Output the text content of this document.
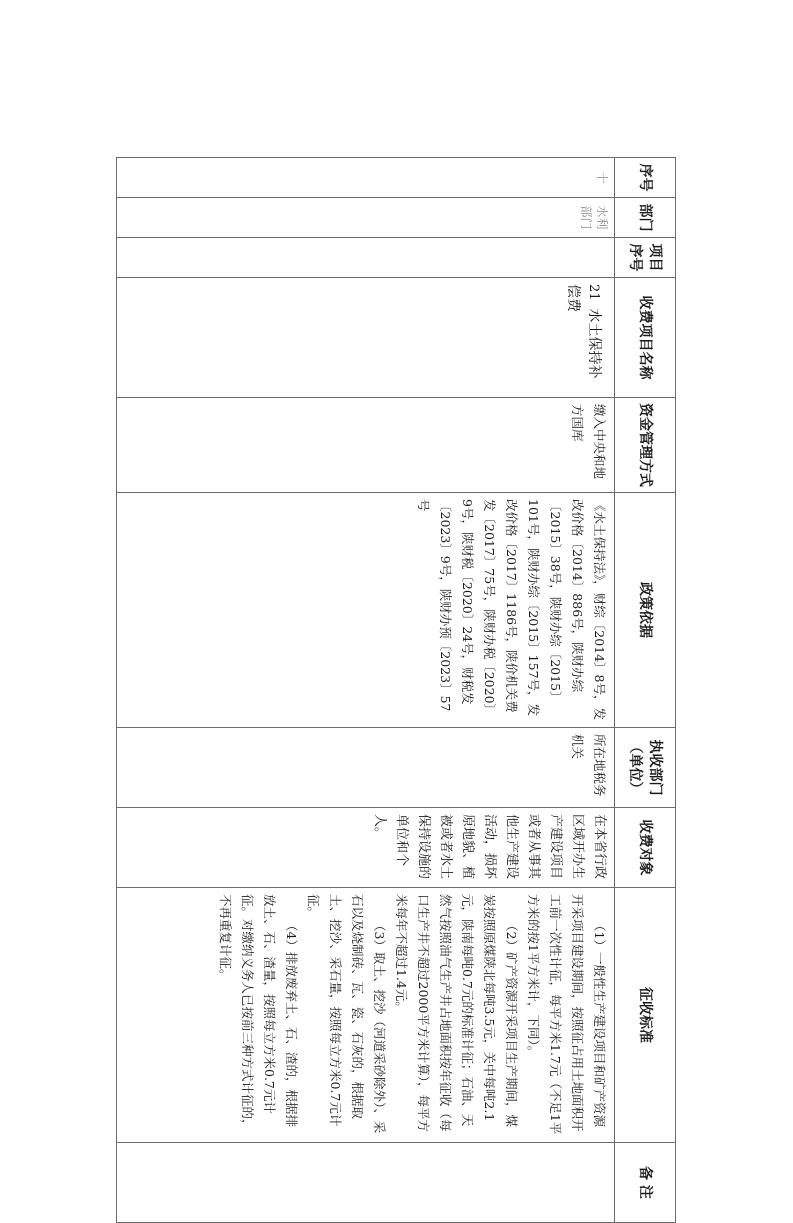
序号	部门	项目序号	收费项目名称	资金管理方式	政策依据	执收部门（单位）	收费对象	征收标准	备 注
十	水利部门		21水土保持补偿费	缴入中央和地方国库	《水土保持法》，财综〔2014〕8号，发改价格〔2014〕886号，陕财办综〔2015〕38号，陕财办综〔2015〕101号，陕财办综〔2015〕157号，发改价格〔2017〕1186号，陕价机关费发〔2017〕75号，陕财办税〔2020〕9号，陕财税〔2020〕24号，财税发〔2023〕9号，陕财办预〔2023〕57号	所在地税务机关	在本省行政区域开办生产建设项目或者从事其他生产建设活动，损坏原地貌、植被或者水土保持设施的单位和个人。	（1）一般性生产建设项目和矿产资源开采项目建设期间，按照征占用土地面积开工前一次性计征，每平方米1.7元（不足1平方米的按1平方米计，下同）。

（2）矿产资源开采项目生产期间，煤炭按照原煤陕北每吨3.5元，关中每吨2.1元，陕南每吨0.7元的标准计征；石油、天然气按照油气生产井占地面积按年征收（每口生产井不超过2000平方米计算），每平方米每年不超过1.4元。

（3）取土、挖沙（河道采砂除外）、采石以及烧制砖、瓦、瓷、石灰的，根据取土、挖沙、采石量，按照每立方米0.7元计征。

（4）排放废弃土、石、渣的，根据排放土、石、渣量，按照每立方米0.7元计征。对缴纳义务人已按前三种方式计征的，不再重复计征。	
